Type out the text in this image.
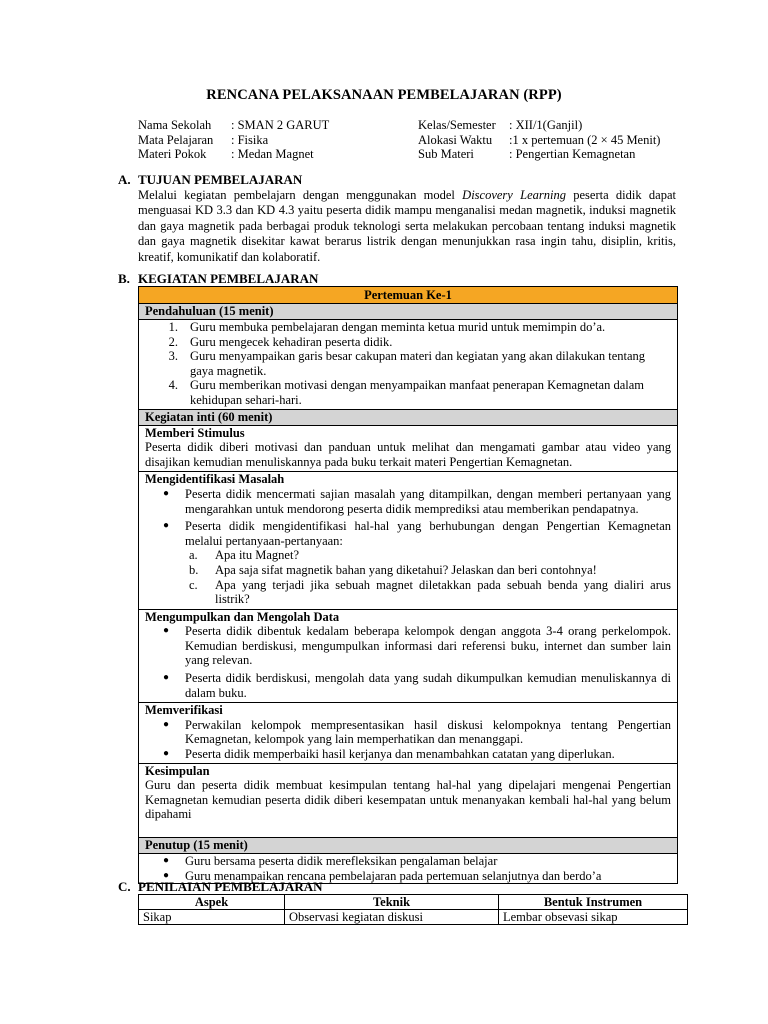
RENCANA PELAKSANAAN PEMBELAJARAN (RPP)
Nama Sekolah	: SMAN 2 GARUT
Mata Pelajaran	: Fisika
Materi Pokok	: Medan Magnet
Kelas/Semester	: XII/1(Ganjil)
Alokasi Waktu	:1 x pertemuan (2 × 45 Menit)
Sub Materi	: Pengertian Kemagnetan
A. TUJUAN PEMBELAJARAN
Melalui kegiatan pembelajarn dengan menggunakan model Discovery Learning peserta didik dapat menguasai KD 3.3 dan KD 4.3 yaitu peserta didik mampu menganalisi medan magnetik, induksi magnetik dan gaya magnetik pada berbagai produk teknologi serta melakukan percobaan tentang induksi magnetik dan gaya magnetik disekitar kawat berarus listrik dengan menunjukkan rasa ingin tahu, disiplin, kritis, kreatif, komunikatif dan kolaboratif.
B. KEGIATAN PEMBELAJARAN
Pertemuan Ke-1
Pendahuluan (15 menit)
1. Guru membuka pembelajaran dengan meminta ketua murid untuk memimpin do’a.
2. Guru mengecek kehadiran peserta didik.
3. Guru menyampaikan garis besar cakupan materi dan kegiatan yang akan dilakukan tentang gaya magnetik.
4. Guru memberikan motivasi dengan menyampaikan manfaat penerapan Kemagnetan dalam kehidupan sehari-hari.
Kegiatan inti (60 menit)
Memberi Stimulus
Peserta didik diberi motivasi dan panduan untuk melihat dan mengamati gambar atau video yang disajikan kemudian menuliskannya pada buku terkait materi Pengertian Kemagnetan.
Mengidentifikasi Masalah
●	Peserta didik mencermati sajian masalah yang ditampilkan, dengan memberi pertanyaan yang mengarahkan untuk mendorong peserta didik memprediksi atau memberikan pendapatnya.
●	Peserta didik mengidentifikasi hal-hal yang berhubungan dengan Pengertian Kemagnetan melalui pertanyaan-pertanyaan:
a.	Apa itu Magnet?
b.	Apa saja sifat magnetik bahan yang diketahui? Jelaskan dan beri contohnya!
c.	Apa yang terjadi jika sebuah magnet diletakkan pada sebuah benda yang dialiri arus listrik?
Mengumpulkan dan Mengolah Data
●	Peserta didik dibentuk kedalam beberapa kelompok dengan anggota 3-4 orang perkelompok. Kemudian berdiskusi, mengumpulkan informasi dari referensi buku, internet dan sumber lain yang relevan.
●	Peserta didik berdiskusi, mengolah data yang sudah dikumpulkan kemudian menuliskannya di dalam buku.
Memverifikasi
●	Perwakilan kelompok mempresentasikan hasil diskusi kelompoknya tentang Pengertian Kemagnetan, kelompok yang lain memperhatikan dan menanggapi.
●	Peserta didik memperbaiki hasil kerjanya dan menambahkan catatan yang diperlukan.
Kesimpulan
Guru dan peserta didik membuat kesimpulan tentang hal-hal yang dipelajari mengenai Pengertian Kemagnetan kemudian peserta didik diberi kesempatan untuk menanyakan kembali hal-hal yang belum dipahami
Penutup (15 menit)
●	Guru bersama peserta didik merefleksikan pengalaman belajar
●	Guru menampaikan rencana pembelajaran pada pertemuan selanjutnya dan berdo’a
C. PENILAIAN PEMBELAJARAN
Aspek	Teknik	Bentuk Instrumen
Sikap	Observasi kegiatan diskusi	Lembar obsevasi sikap
